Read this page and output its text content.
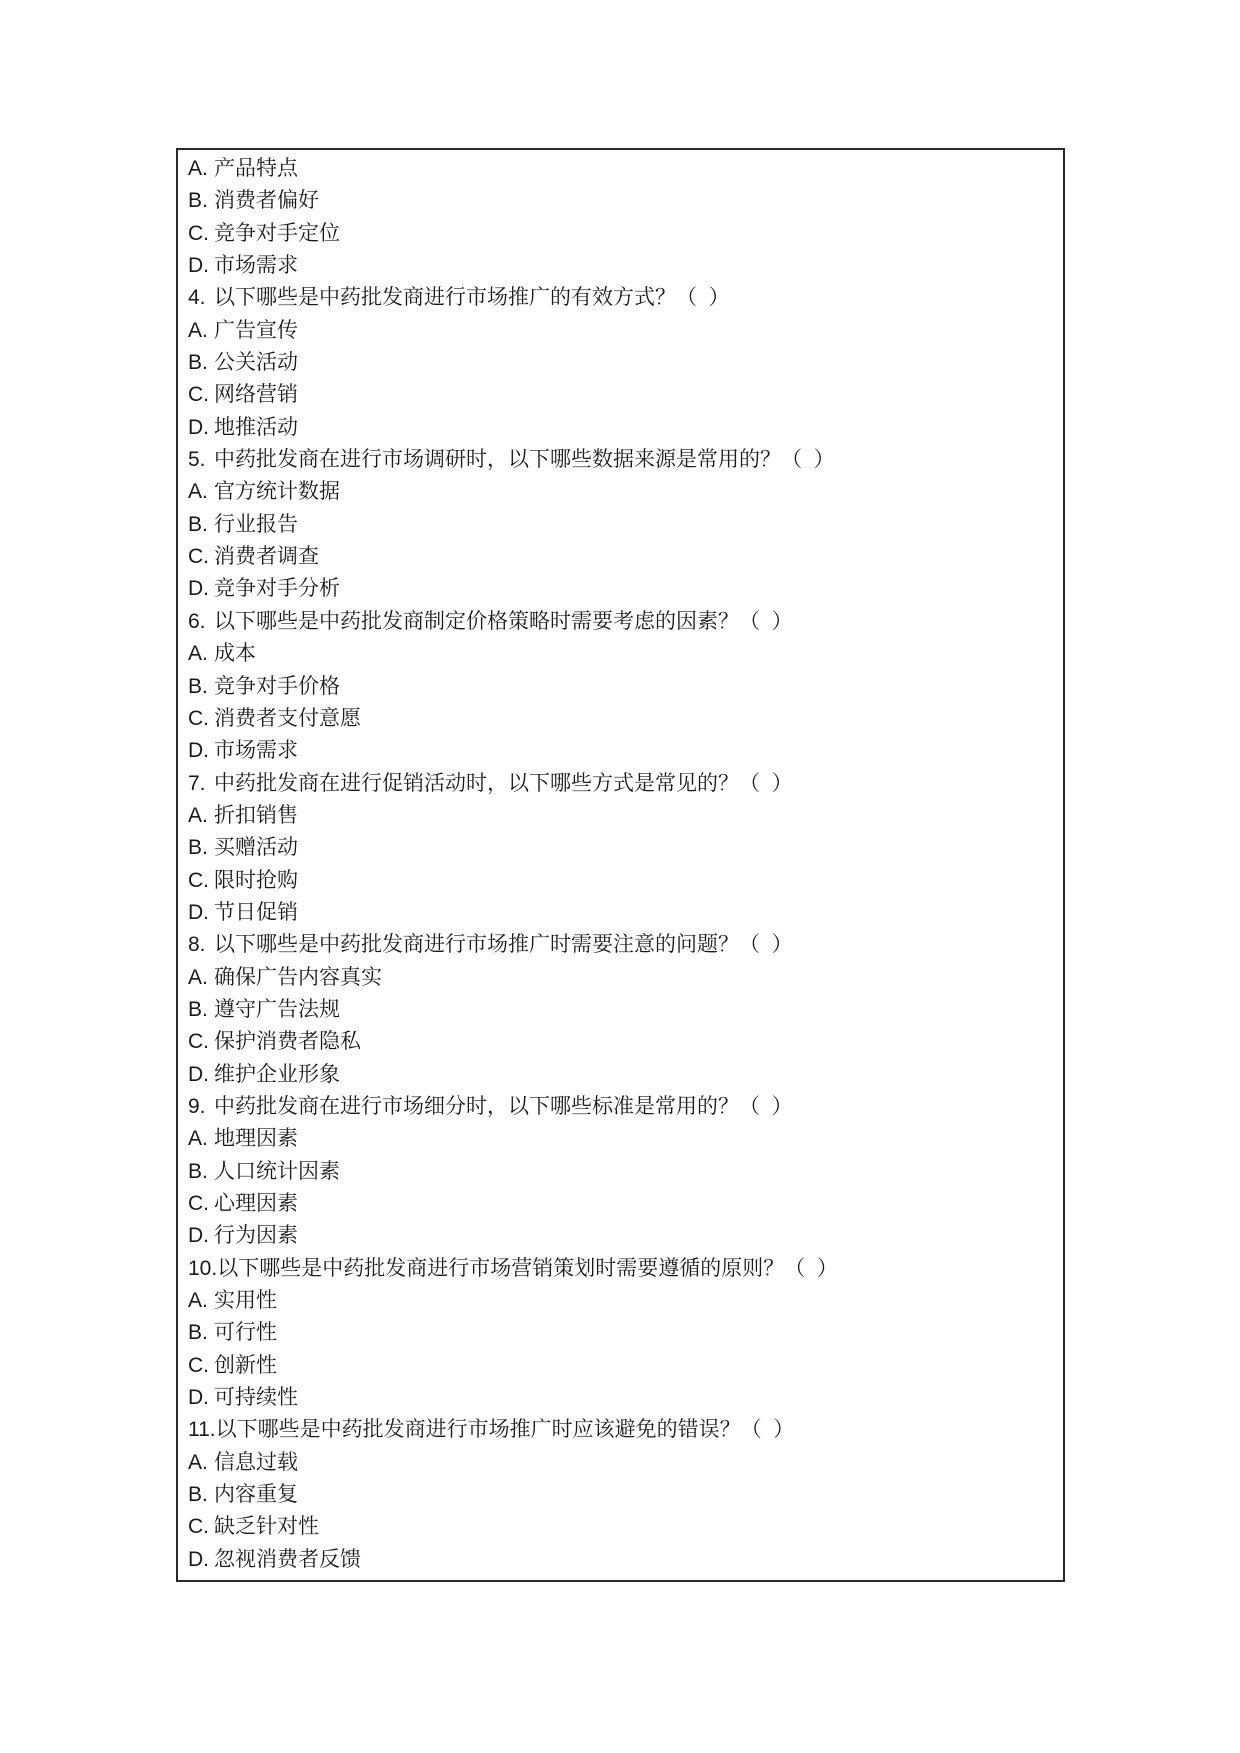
A. 产品特点
B. 消费者偏好
C. 竞争对手定位
D. 市场需求
4. 以下哪些是中药批发商进行市场推广的有效方式？（  ）
A. 广告宣传
B. 公关活动
C. 网络营销
D. 地推活动
5. 中药批发商在进行市场调研时，以下哪些数据来源是常用的？（  ）
A. 官方统计数据
B. 行业报告
C. 消费者调查
D. 竞争对手分析
6. 以下哪些是中药批发商制定价格策略时需要考虑的因素？（  ）
A. 成本
B. 竞争对手价格
C. 消费者支付意愿
D. 市场需求
7. 中药批发商在进行促销活动时，以下哪些方式是常见的？（  ）
A. 折扣销售
B. 买赠活动
C. 限时抢购
D. 节日促销
8. 以下哪些是中药批发商进行市场推广时需要注意的问题？（  ）
A. 确保广告内容真实
B. 遵守广告法规
C. 保护消费者隐私
D. 维护企业形象
9. 中药批发商在进行市场细分时，以下哪些标准是常用的？（  ）
A. 地理因素
B. 人口统计因素
C. 心理因素
D. 行为因素
10.以下哪些是中药批发商进行市场营销策划时需要遵循的原则？（  ）
A. 实用性
B. 可行性
C. 创新性
D. 可持续性
11.以下哪些是中药批发商进行市场推广时应该避免的错误？（  ）
A. 信息过载
B. 内容重复
C. 缺乏针对性
D. 忽视消费者反馈
